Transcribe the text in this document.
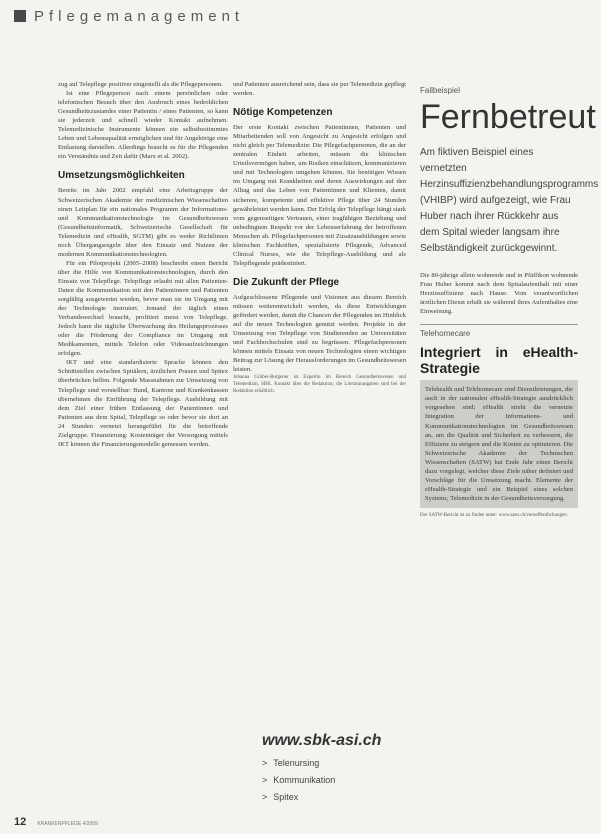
Pflegemanagement

zug auf Telepflege positiver eingestellt als die Pflegepersonen.

Ist eine Pflegeperson nach einem persönlichen oder telefonischen Besuch über den Ausbruch eines bedrohlichen Gesundheitszustandes einer Patientin / eines Patienten, so kann sie jederzeit und schnell wieder Kontakt aufnehmen. Telemedizinische Instrumente können ein selbstbestimmtes Leben und Lebensqualität ermöglichen und für Angehörige eine Entlastung darstellen. Allerdings braucht es für die Pflegenden ein Verständnis und Zeit dafür (Marx et al. 2002).

Umsetzungsmöglichkeiten

Bereits im Jahr 2002 empfahl eine Arbeitsgruppe der Schweizerischen Akademie der medizinischen Wissenschaften einen Leitplan für ein nationales Programm der Informations- und Kommunikationstechnologie im Gesundheitswesen (Gesundheitsinformatik, Schweizerische Gesellschaft für Telemedizin und eHealth, SGTM) gibt es weder Richtlinien noch Übergangsregeln über den Einsatz und Nutzen der modernen Kommunikationstechnologien.

Für ein Pilotprojekt (2005–2008) beschreibt einen Bericht über die Hilfe von Kommunikationstechnologien, durch den Einsatz von Telepflege. Telepflege erlaubt mit allen Patienten-Daten die Kommunikation mit den Patientinnen und Patienten sorgfältig ausgewertet werden, bevor man sie im Umgang mit der Technologie instruiert. Jemand der täglich einen Verbandswechsel braucht, profitiert meist von Telepflege. Jedoch kann die tägliche Überwachung des Heilungsprozesses oder die Förderung der Compliance im Umgang mit Medikamenten, mittels Telefon oder Videoaufzeichnungen erfolgen.

IKT und eine standardisierte Sprache können den Schnittstellen zwischen Spitälern, ärztlichen Praxen und Spitex überbrücken helfen. Folgende Massnahmen zur Umsetzung von Telepflege sind vorstellbar: Bund, Kantone und Krankenkassen übernehmen die Einführung der Telepflege. Ausbildung mit dem Ziel einer frühen Entlassung der Patientinnen und Patienten aus dem Spital, Telepflege so oder bevor sie dort an 24 Stunden vernetzt herangeführt für die betreffende Zielgruppe. Finanzierung: Kostenträger der Versorgung mittels IKT können die Finanzierungsmodelle gemessen werden.

und Patienten ausreichend sein, dass sie per Telemedizin gepflegt werden.

Nötige Kompetenzen

Der erste Kontakt zwischen Patientinnen, Patienten und Mitarbeitenden soll von Angesicht zu Angesicht erfolgen und nicht gleich per Telemedizin: Die Pflegefachpersonen, die an der zentralen Einheit arbeiten, müssen die klinischen Urteilsvermögen haben, um Risiken einschätzen, kommunizieren und mit Technologien umgehen können. Sie benötigen Wissen im Umgang mit Krankheiten und deren Auswirkungen auf den Alltag und das Leben von Patientinnen und Klienten, damit sicherere, kompetente und effektive Pflege über 24 Stunden gewährleistet werden kann. Der Erfolg der Telepflege hängt stark vom gegenseitigen Vertrauen, einer tragfähigen Beziehung und unbedingtem Respekt vor der Lebenserfahrung der betroffenen Menschen ab. Pflegefachpersonen mit Zusatzausbildungen sowie klinischen Fachkräften, spezialisierte Pflegende, Advanced Clinical Nurses, wie die Telepflege-Ausbildung und als Telepflegende prädestiniert.

Die Zukunft der Pflege

Aufgeschlossene Pflegende und Visionen aus diesem Bereich müssen weiterentwickelt werden, da diese Entwicklungen gefördert werden, damit die Chancen der Pflegenden im Hinblick auf die neuen Technologien genutzt werden. Projekte in der Umsetzung von Telepflege von Studierenden an Universitäten und Fachhochschulen sind zu begrüssen. Pflegefachpersonen können mittels Einsatz von neuen Technologien einen wichtigen Beitrag zur Lösung der Herausforderungen im Gesundheitswesen leisten.

Johanna Grüber-Burgener ist Expertin im Bereich Gesundheitswesen und Telemedizin, SBK. Kontakt über die Redaktion; die Literaturangaben sind bei der Redaktion erhältlich.

Fallbeispiel
Fernbetreut
Am fiktiven Beispiel eines vernetzten Herzinsuffizienzbehandlungsprogramms (VHIBP) wird aufgezeigt, wie Frau Huber nach ihrer Rückkehr aus dem Spital wieder langsam ihre Selbständigkeit zurückgewinnt.

Die 80-jährige allein wohnende und in Pfäffikon wohnende Frau Huber kommt nach dem Spitalaufenthalt mit einer Herzinsuffizienz nach Hause. Vom verantwortlichen ärztlichen Dienst erhält sie während ihres Aufenthaltes eine Einweisung.

Telehomecare
Integriert in eHealth-Strategie

Telehealth und Telehomecare sind Dienstleistungen, die auch in der nationalen eHealth-Strategie ausdrücklich vorgesehen sind; eHealth strebt die vernetzte Integration der Informations- und Kommunikationstechnologien im Gesundheitswesen an, um die Qualität und Sicherheit zu verbessern, die Effizienz zu steigern und die Kosten zu optimieren. Die Schweizerische Akademie der Technischen Wissenschaften (SATW) hat Ende Jahr einen Bericht dazu vorgelegt, welcher diese Ziele näher definiert und Vorschläge für die Umsetzung macht. Elemente der eHealth-Strategie und ein Beispiel eines solchen Systems, Telemedizin in der Gesundheitsversorgung.

Der SATW-Bericht ist zu finden unter: www.satw.ch/veroeffentlichungen

www.sbk-asi.ch
> Telenursing
> Kommunikation
> Spitex
12 KRANKENPFLEGE 4/2009
